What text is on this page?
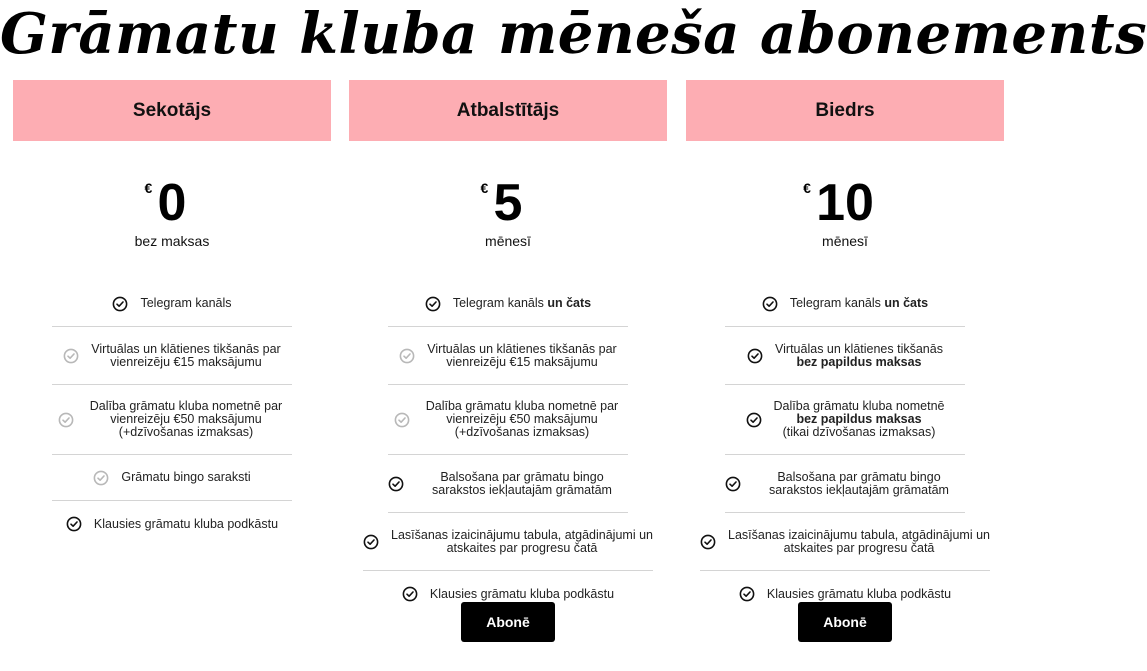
Grāmatu kluba mēneša abonements
Sekotājs
€ 0
bez maksas
Telegram kanāls
Virtuālas un klātienes tikšanās par vienreizēju €15 maksājumu
Dalība grāmatu kluba nometnē par vienreizēju €50 maksājumu (+dzīvošanas izmaksas)
Grāmatu bingo saraksti
Klausies grāmatu kluba podkāstu
Atbalstītājs
€ 5
mēnesī
Telegram kanāls un čats
Virtuālas un klātienes tikšanās par vienreizēju €15 maksājumu
Dalība grāmatu kluba nometnē par vienreizēju €50 maksājumu (+dzīvošanas izmaksas)
Balsošana par grāmatu bingo sarakstos iekļautajām grāmatām
Lasīšanas izaicinājumu tabula, atgādinājumi un atskaites par progresu čatā
Klausies grāmatu kluba podkāstu
Abonē
Biedrs
€ 10
mēnesī
Telegram kanāls un čats
Virtuālas un klātienes tikšanās
bez papildus maksas
Dalība grāmatu kluba nometnē
bez papildus maksas
(tikai dzīvošanas izmaksas)
Balsošana par grāmatu bingo sarakstos iekļautajām grāmatām
Lasīšanas izaicinājumu tabula, atgādinājumi un atskaites par progresu čatā
Klausies grāmatu kluba podkāstu
Abonē
